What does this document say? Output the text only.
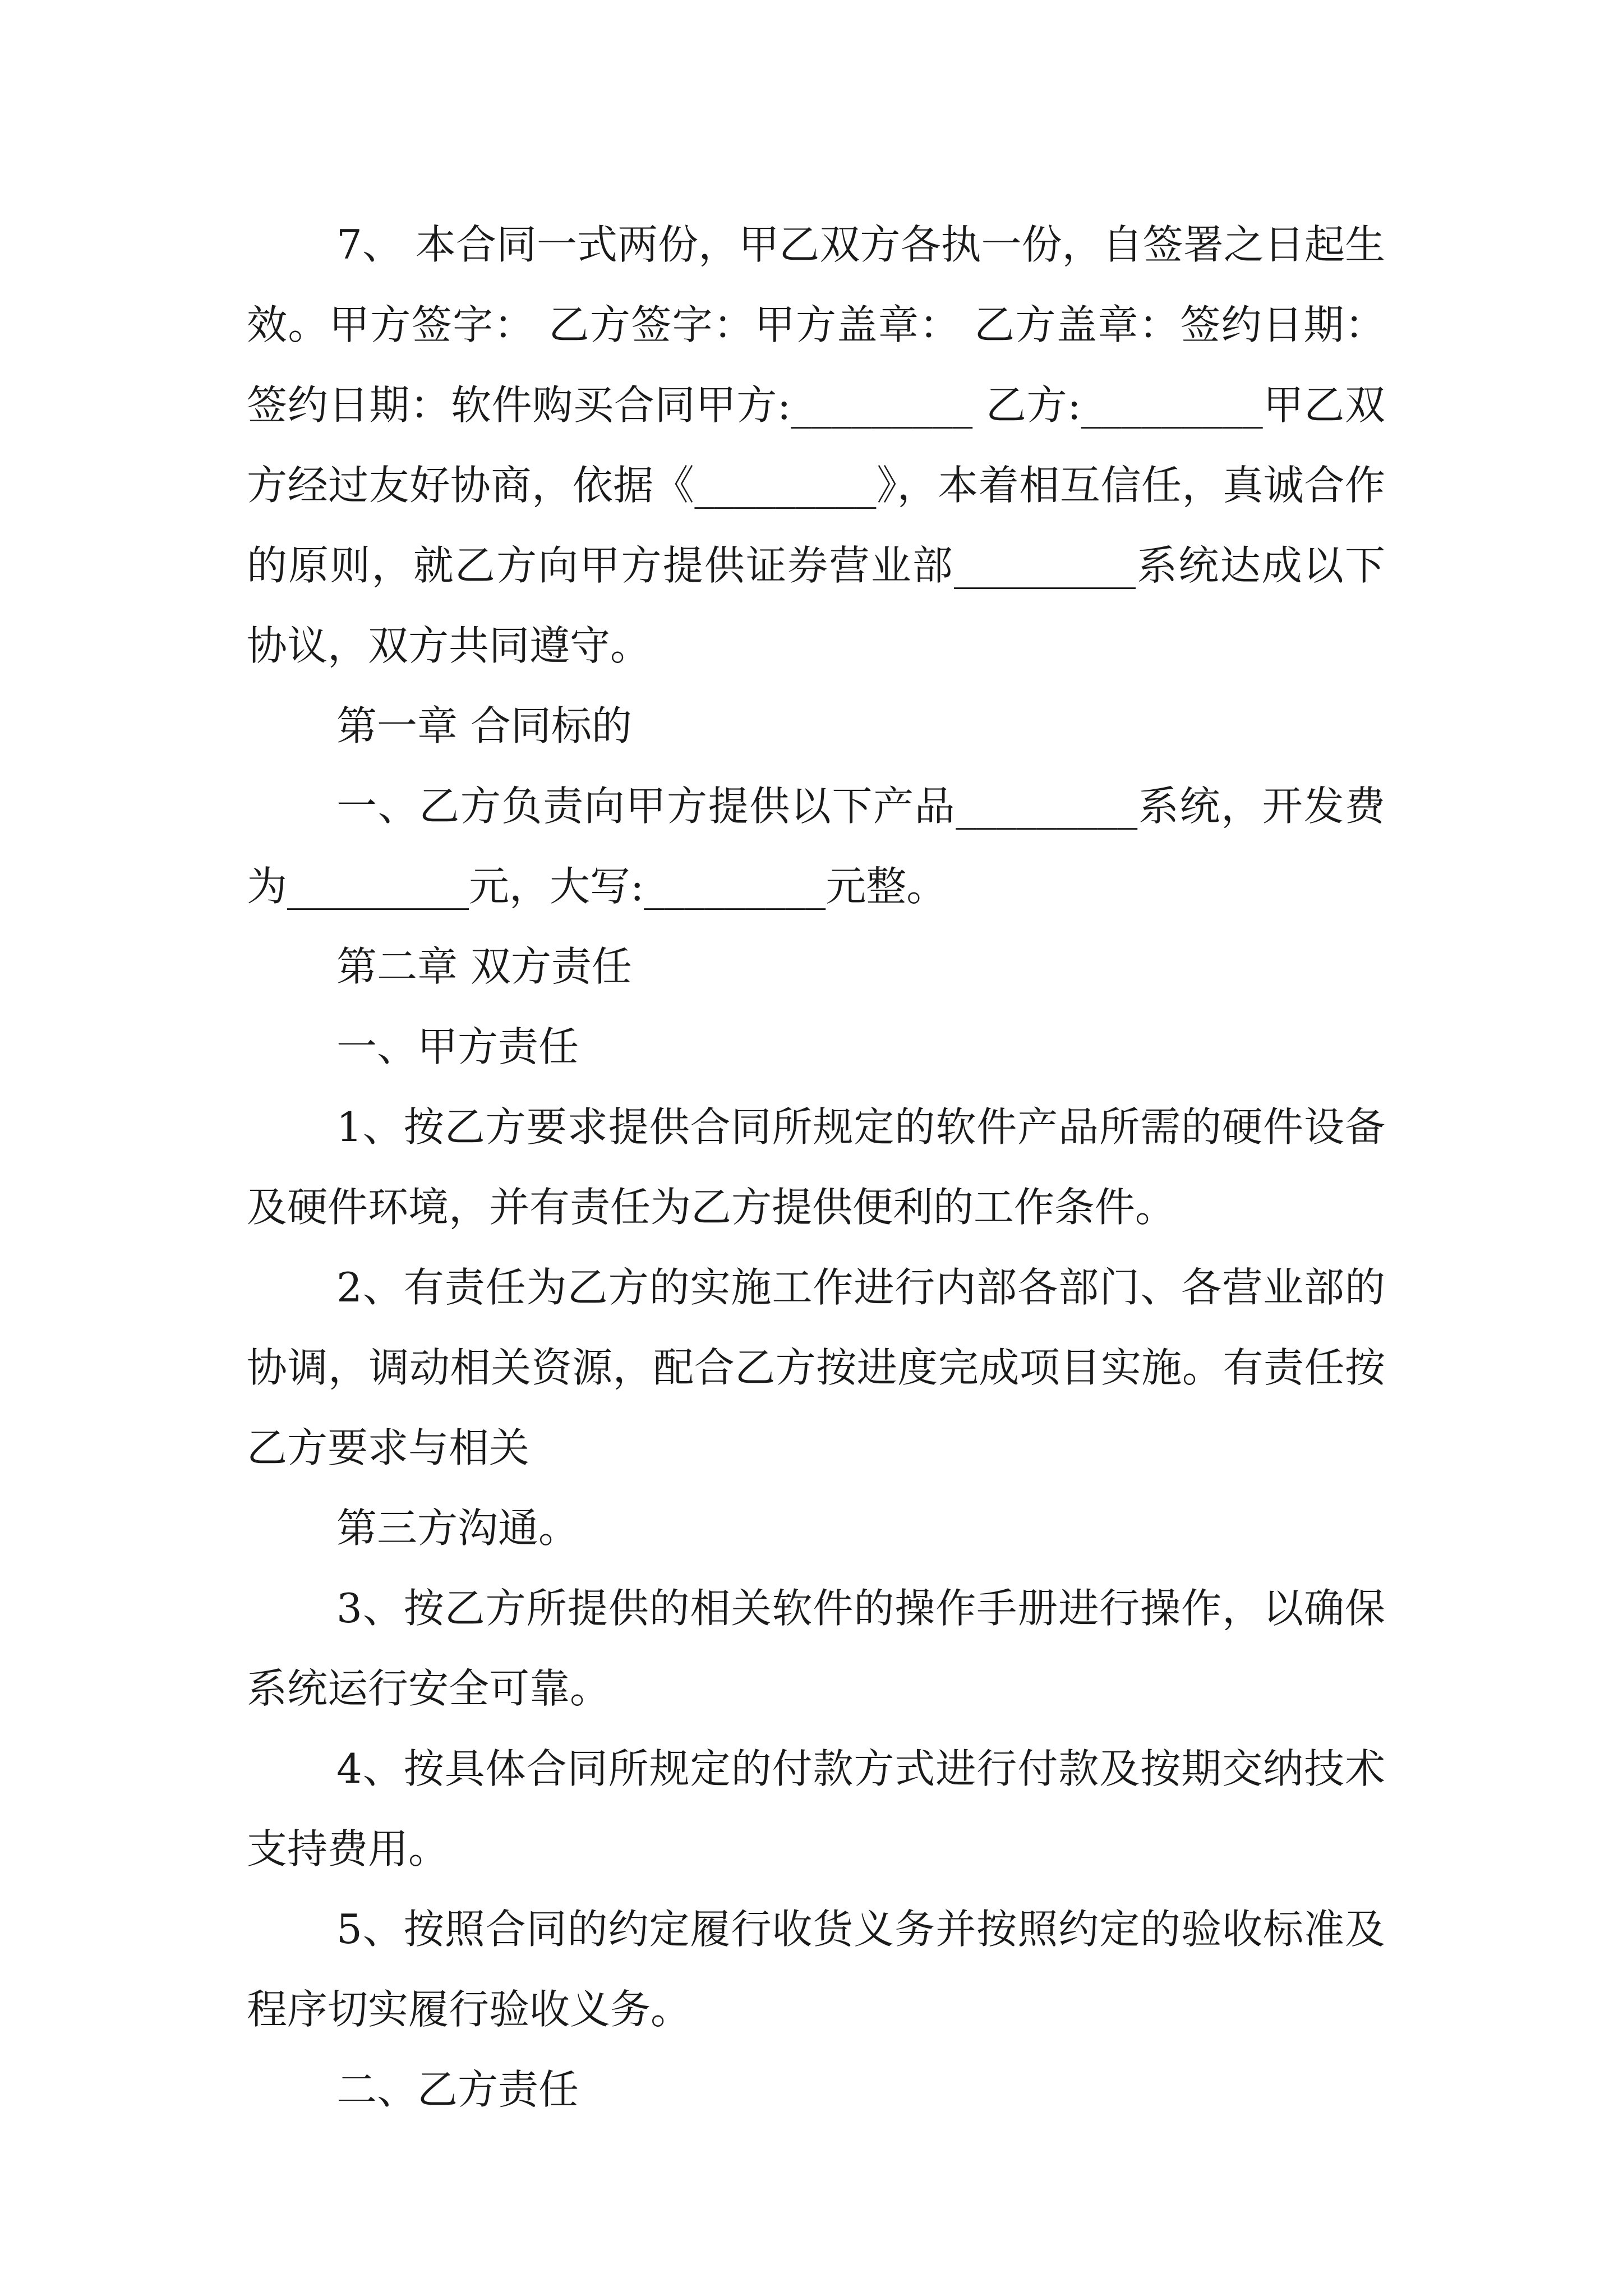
7、 本合同一式两份，甲乙双方各执一份，自签署之日起生效。甲方签字： 乙方签字：甲方盖章： 乙方盖章：签约日期： 签约日期：软件购买合同甲方:_________ 乙方:_________甲乙双方经过友好协商，依据《_________》，本着相互信任，真诚合作的原则，就乙方向甲方提供证券营业部_________系统达成以下协议，双方共同遵守。

第一章 合同标的

一、乙方负责向甲方提供以下产品_________系统，开发费为_________元，大写:_________元整。

第二章 双方责任

一、甲方责任

1、按乙方要求提供合同所规定的软件产品所需的硬件设备及硬件环境，并有责任为乙方提供便利的工作条件。

2、有责任为乙方的实施工作进行内部各部门、各营业部的协调，调动相关资源，配合乙方按进度完成项目实施。有责任按乙方要求与相关

第三方沟通。

3、按乙方所提供的相关软件的操作手册进行操作，以确保系统运行安全可靠。

4、按具体合同所规定的付款方式进行付款及按期交纳技术支持费用。

5、按照合同的约定履行收货义务并按照约定的验收标准及程序切实履行验收义务。

二、乙方责任
